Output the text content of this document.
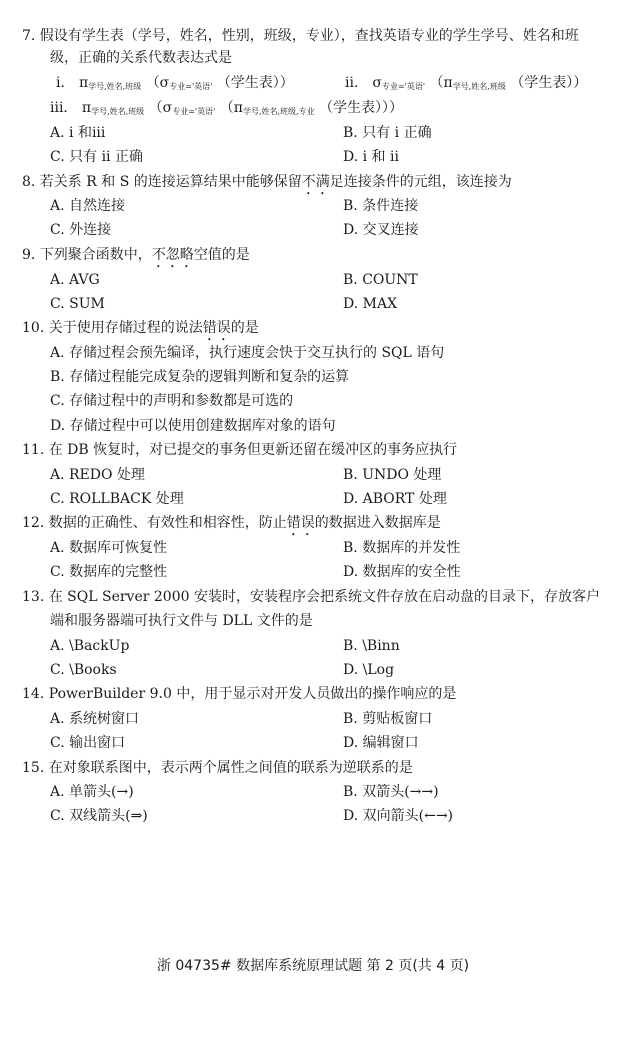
7. 假设有学生表（学号，姓名，性别，班级，专业），查找英语专业的学生学号、姓名和班
级，正确的关系代数表达式是
i． $\pi_{学号,姓名,班级}$ （$\sigma_{专业='英语'}$ （学生表））	ii． $\sigma_{专业='英语'}$ （$\pi_{学号,姓名,班级}$ （学生表））
iii． $\pi_{学号,姓名,班级}$ （$\sigma_{专业='英语'}$ （$\pi_{学号,姓名,班级,专业}$ （学生表）））
A. i 和iii	B. 只有 i 正确
C. 只有 ii 正确	D. i 和 ii
8. 若关系 R 和 S 的连接运算结果中能够保留不满足连接条件的元组，该连接为
A. 自然连接	B. 条件连接
C. 外连接	D. 交叉连接
9. 下列聚合函数中，不忽略空值的是
A. AVG	B. COUNT
C. SUM	D. MAX
10. 关于使用存储过程的说法错误的是
A. 存储过程会预先编译，执行速度会快于交互执行的 SQL 语句
B. 存储过程能完成复杂的逻辑判断和复杂的运算
C. 存储过程中的声明和参数都是可选的
D. 存储过程中可以使用创建数据库对象的语句
11. 在 DB 恢复时，对已提交的事务但更新还留在缓冲区的事务应执行
A. REDO 处理	B. UNDO 处理
C. ROLLBACK 处理	D. ABORT 处理
12. 数据的正确性、有效性和相容性，防止错误的数据进入数据库是
A. 数据库可恢复性	B. 数据库的并发性
C. 数据库的完整性	D. 数据库的安全性
13. 在 SQL Server 2000 安装时，安装程序会把系统文件存放在启动盘的目录下，存放客户
端和服务器端可执行文件与 DLL 文件的是
A. \BackUp	B. \Binn
C. \Books	D. \Log
14. PowerBuilder 9.0 中，用于显示对开发人员做出的操作响应的是
A. 系统树窗口	B. 剪贴板窗口
C. 输出窗口	D. 编辑窗口
15. 在对象联系图中，表示两个属性之间值的联系为逆联系的是
A. 单箭头(→)	B. 双箭头(→→)
C. 双线箭头(⇒)	D. 双向箭头(←→)
浙 04735# 数据库系统原理试题 第 2 页(共 4 页)
